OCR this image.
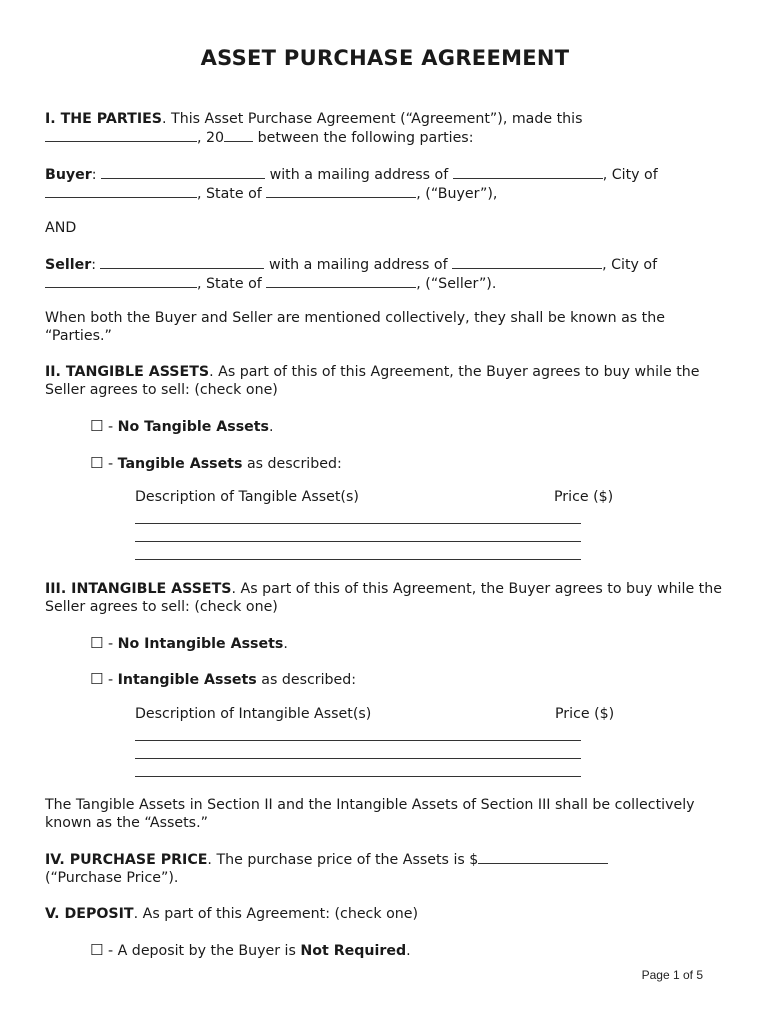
ASSET PURCHASE AGREEMENT
I. THE PARTIES. This Asset Purchase Agreement (“Agreement”), made this
, 20 between the following parties:
Buyer:	with a mailing address of	, City of
, State of	, (“Buyer”),
AND
Seller:	with a mailing address of	, City of
, State of	, (“Seller”).
When both the Buyer and Seller are mentioned collectively, they shall be known as the “Parties.”
II. TANGIBLE ASSETS. As part of this of this Agreement, the Buyer agrees to buy while the Seller agrees to sell: (check one)
☐ - No Tangible Assets.
☐ - Tangible Assets as described:
Description of Tangible Asset(s)	Price ($)
III. INTANGIBLE ASSETS. As part of this of this Agreement, the Buyer agrees to buy while the Seller agrees to sell: (check one)
☐ - No Intangible Assets.
☐ - Intangible Assets as described:
Description of Intangible Asset(s)	Price ($)
The Tangible Assets in Section II and the Intangible Assets of Section III shall be collectively known as the “Assets.”
IV. PURCHASE PRICE. The purchase price of the Assets is $
(“Purchase Price”).
V. DEPOSIT. As part of this Agreement: (check one)
☐ - A deposit by the Buyer is Not Required.
Page 1 of 5
